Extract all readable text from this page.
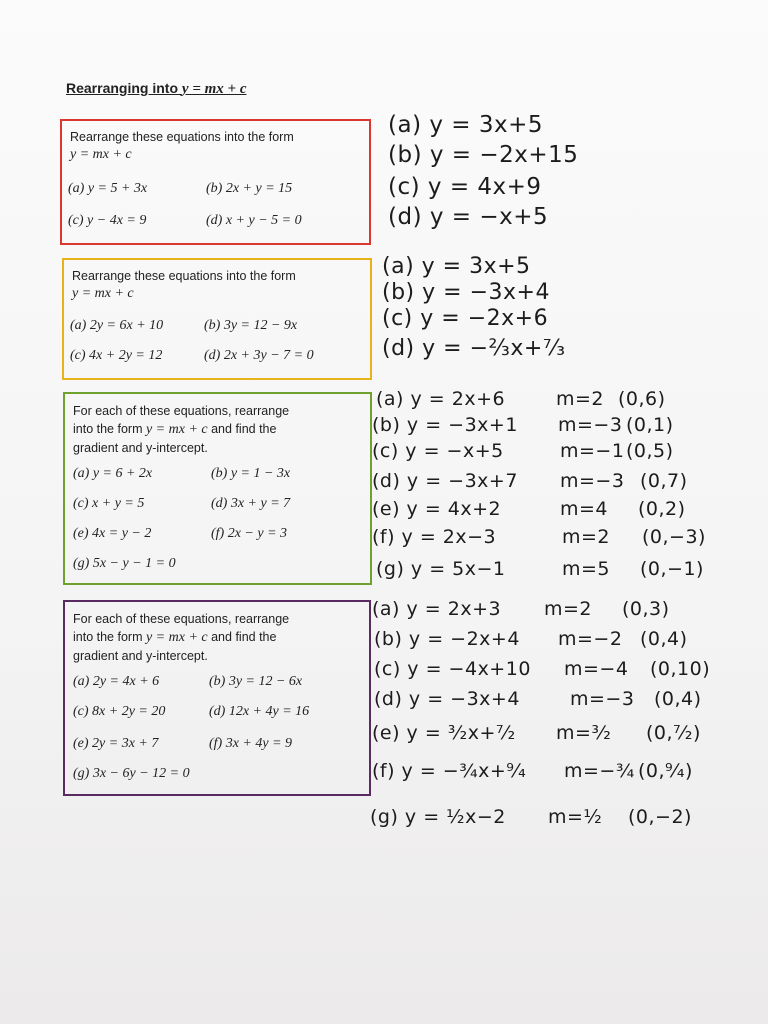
Rearranging into y = mx + c
Rearrange these equations into the form
y = mx + c
(a) y = 5 + 3x	(b) 2x + y = 15
(c) y − 4x = 9	(d) x + y − 5 = 0
Rearrange these equations into the form
y = mx + c
(a) 2y = 6x + 10	(b) 3y = 12 − 9x
(c) 4x + 2y = 12	(d) 2x + 3y − 7 = 0
For each of these equations, rearrange
into the form y = mx + c and find the
gradient and y-intercept.
(a) y = 6 + 2x	(b) y = 1 − 3x
(c) x + y = 5	(d) 3x + y = 7
(e) 4x = y − 2	(f) 2x − y = 3
(g) 5x − y − 1 = 0
For each of these equations, rearrange
into the form y = mx + c and find the
gradient and y-intercept.
(a) 2y = 4x + 6	(b) 3y = 12 − 6x
(c) 8x + 2y = 20	(d) 12x + 4y = 16
(e) 2y = 3x + 7	(f) 3x + 4y = 9
(g) 3x − 6y − 12 = 0
(a) y = 3x+5
(b) y = −2x+15
(c) y = 4x+9
(d) y = −x+5
(a) y = 3x+5
(b) y = −3x+4
(c) y = −2x+6
(d) y = −⅔x+⁷⁄₃
(a) y = 2x+6	m=2 (0,6)
(b) y = −3x+1 m=−3 (0,1)
(c) y = −x+5	m=−1(0,5)
(d) y = −3x+7 m=−3 (0,7)
(e) y = 4x+2	m=4 (0,2)
(f) y = 2x−3	m=2 (0,−3)
(g) y = 5x−1	m=5 (0,−1)
(a) y = 2x+3 m=2 (0,3)
(b) y = −2x+4 m=−2 (0,4)
(c) y = −4x+10 m=−4 (0,10)
(d) y = −3x+4	m=−3 (0,4)
(e) y = ³⁄₂x+⁷⁄₂ m=³⁄₂ (0,⁷⁄₂)
(f) y = −¾x+⁹⁄₄ m=−¾ (0,⁹⁄₄)
(g) y = ½x−2 m=½ (0,−2)
